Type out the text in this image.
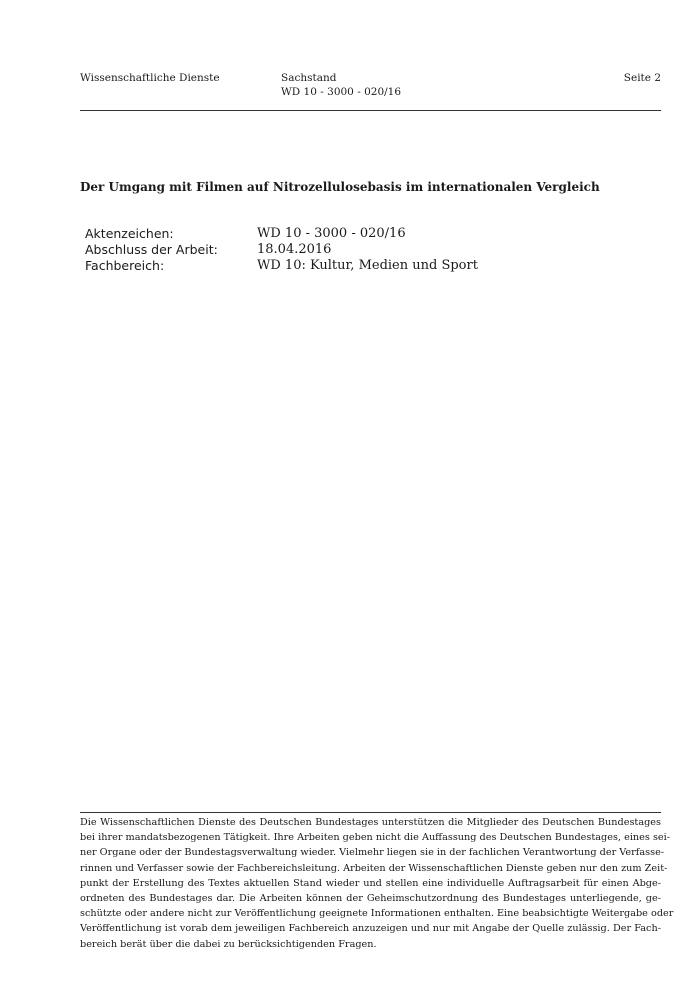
Wissenschaftliche Dienste	Sachstand
WD 10 - 3000 - 020/16
Seite 2
Der Umgang mit Filmen auf Nitrozellulosebasis im internationalen Vergleich
Aktenzeichen:	WD 10 - 3000 - 020/16
Abschluss der Arbeit:	18.04.2016
Fachbereich:	WD 10: Kultur, Medien und Sport
Die Wissenschaftlichen Dienste des Deutschen Bundestages unterstützen die Mitglieder des Deutschen Bundestages
bei ihrer mandatsbezogenen Tätigkeit. Ihre Arbeiten geben nicht die Auffassung des Deutschen Bundestages, eines sei-
ner Organe oder der Bundestagsverwaltung wieder. Vielmehr liegen sie in der fachlichen Verantwortung der Verfasse-
rinnen und Verfasser sowie der Fachbereichsleitung. Arbeiten der Wissenschaftlichen Dienste geben nur den zum Zeit-
punkt der Erstellung des Textes aktuellen Stand wieder und stellen eine individuelle Auftragsarbeit für einen Abge-
ordneten des Bundestages dar. Die Arbeiten können der Geheimschutzordnung des Bundestages unterliegende, ge-
schützte oder andere nicht zur Veröffentlichung geeignete Informationen enthalten. Eine beabsichtigte Weitergabe oder
Veröffentlichung ist vorab dem jeweiligen Fachbereich anzuzeigen und nur mit Angabe der Quelle zulässig. Der Fach-
bereich berät über die dabei zu berücksichtigenden Fragen.
